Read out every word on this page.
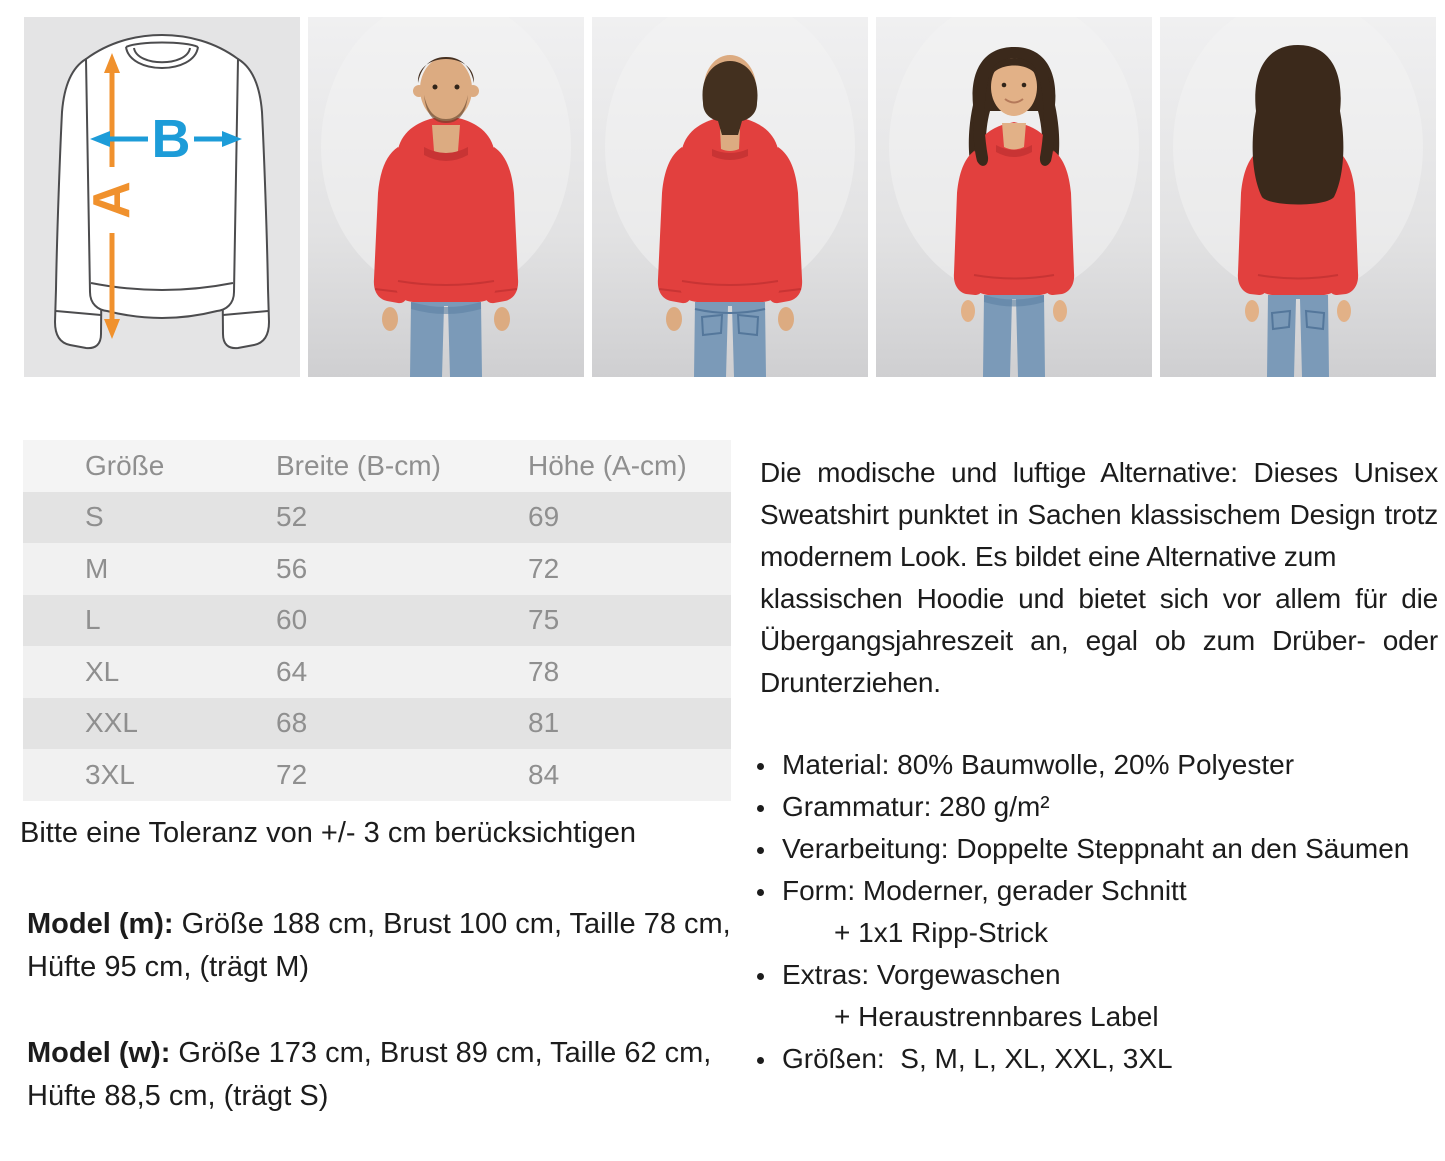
A
B
Größe	Breite (B-cm)	Höhe (A-cm)
S	52	69
M	56	72
L	60	75
XL	64	78
XXL	68	81
3XL	72	84
Bitte eine Toleranz von +/- 3 cm berücksichtigen

Model (m): Größe 188 cm, Brust 100 cm, Taille 78 cm, Hüfte 95 cm, (trägt M)

Model (w): Größe 173 cm, Brust 89 cm, Taille 62 cm, Hüfte 88,5 cm, (trägt S)

Die modische und luftige Alternative: Dieses Unisex Sweatshirt punktet in Sachen klassischem Design trotz modernem Look. Es bildet eine Alternative zum

klassischen Hoodie und bietet sich vor allem für die Übergangsjahreszeit an, egal ob zum Drüber- oder Drunterziehen.

Material: 80% Baumwolle, 20% Polyester
Grammatur: 280 g/m²
Verarbeitung: Doppelte Steppnaht an den Säumen
Form: Moderner, gerader Schnitt
+ 1x1 Ripp-Strick
Extras: Vorgewaschen
+ Heraustrennbares Label
Größen:  S, M, L, XL, XXL, 3XL
